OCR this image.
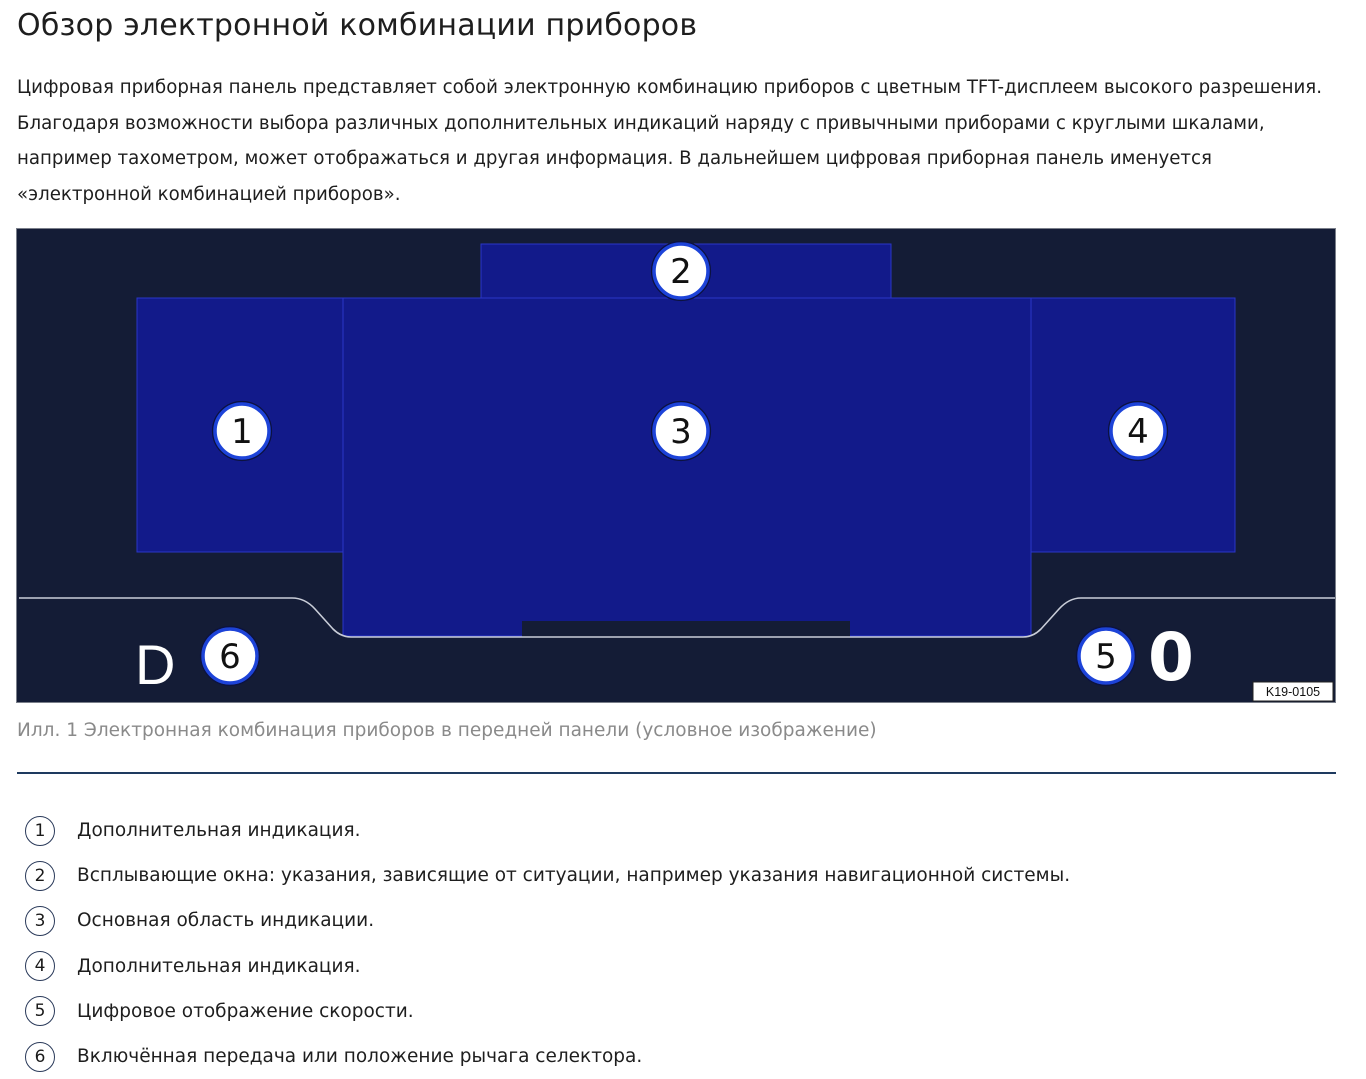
Обзор электронной комбинации приборов

Цифровая приборная панель представляет собой электронную комбинацию приборов с цветным TFT-дисплеем высокого разрешения. Благодаря возможности выбора различных дополнительных индикаций наряду с привычными приборами с круглыми шкалами, например тахометром, может отображаться и другая информация. В дальнейшем цифровая приборная панель именуется «электронной комбинацией приборов».

2
1	3	4
D 6	5 0	K19-0105

Илл. 1 Электронная комбинация приборов в передней панели (условное изображение)

1	Дополнительная индикация.
2	Всплывающие окна: указания, зависящие от ситуации, например указания навигационной системы.
3	Основная область индикации.
4	Дополнительная индикация.
5	Цифровое отображение скорости.
6	Включённая передача или положение рычага селектора.
